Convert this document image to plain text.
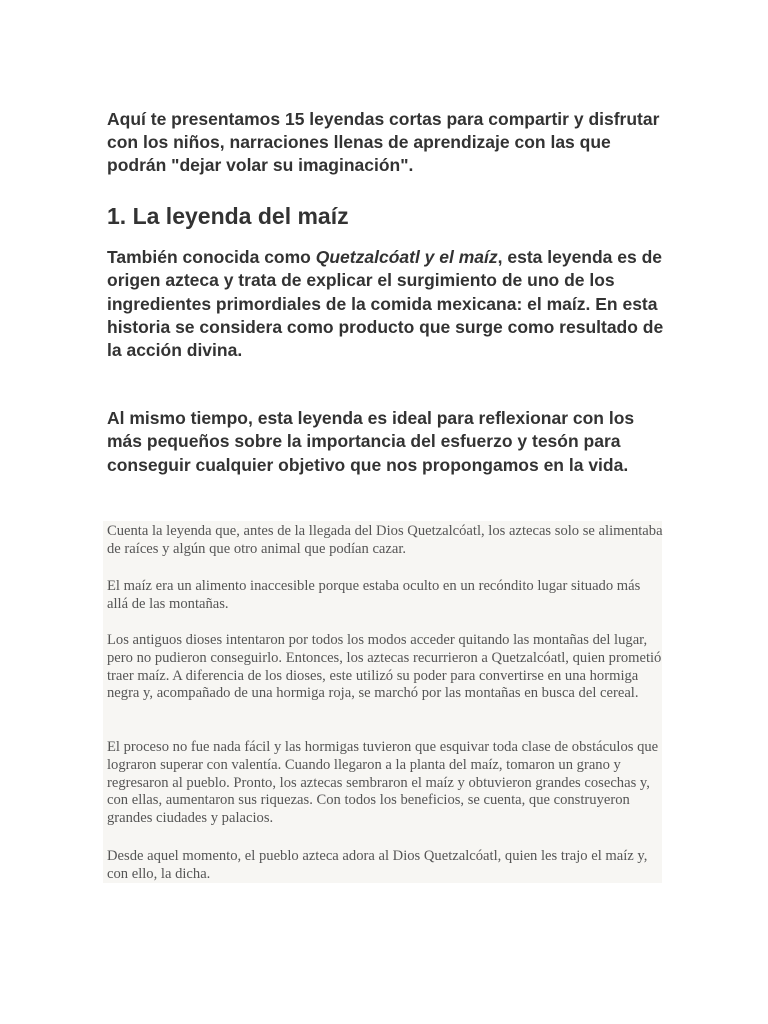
Aquí te presentamos 15 leyendas cortas para compartir y disfrutar con los niños, narraciones llenas de aprendizaje con las que podrán "dejar volar su imaginación".

1. La leyenda del maíz

También conocida como Quetzalcóatl y el maíz, esta leyenda es de origen azteca y trata de explicar el surgimiento de uno de los ingredientes primordiales de la comida mexicana: el maíz. En esta historia se considera como producto que surge como resultado de la acción divina.

Al mismo tiempo, esta leyenda es ideal para reflexionar con los más pequeños sobre la importancia del esfuerzo y tesón para conseguir cualquier objetivo que nos propongamos en la vida.

Cuenta la leyenda que, antes de la llegada del Dios Quetzalcóatl, los aztecas solo se alimentaba de raíces y algún que otro animal que podían cazar.

El maíz era un alimento inaccesible porque estaba oculto en un recóndito lugar situado más allá de las montañas.

Los antiguos dioses intentaron por todos los modos acceder quitando las montañas del lugar, pero no pudieron conseguirlo. Entonces, los aztecas recurrieron a Quetzalcóatl, quien prometió traer maíz. A diferencia de los dioses, este utilizó su poder para convertirse en una hormiga negra y, acompañado de una hormiga roja, se marchó por las montañas en busca del cereal.

El proceso no fue nada fácil y las hormigas tuvieron que esquivar toda clase de obstáculos que lograron superar con valentía. Cuando llegaron a la planta del maíz, tomaron un grano y regresaron al pueblo. Pronto, los aztecas sembraron el maíz y obtuvieron grandes cosechas y, con ellas, aumentaron sus riquezas. Con todos los beneficios, se cuenta, que construyeron grandes ciudades y palacios.

Desde aquel momento, el pueblo azteca adora al Dios Quetzalcóatl, quien les trajo el maíz y, con ello, la dicha.
